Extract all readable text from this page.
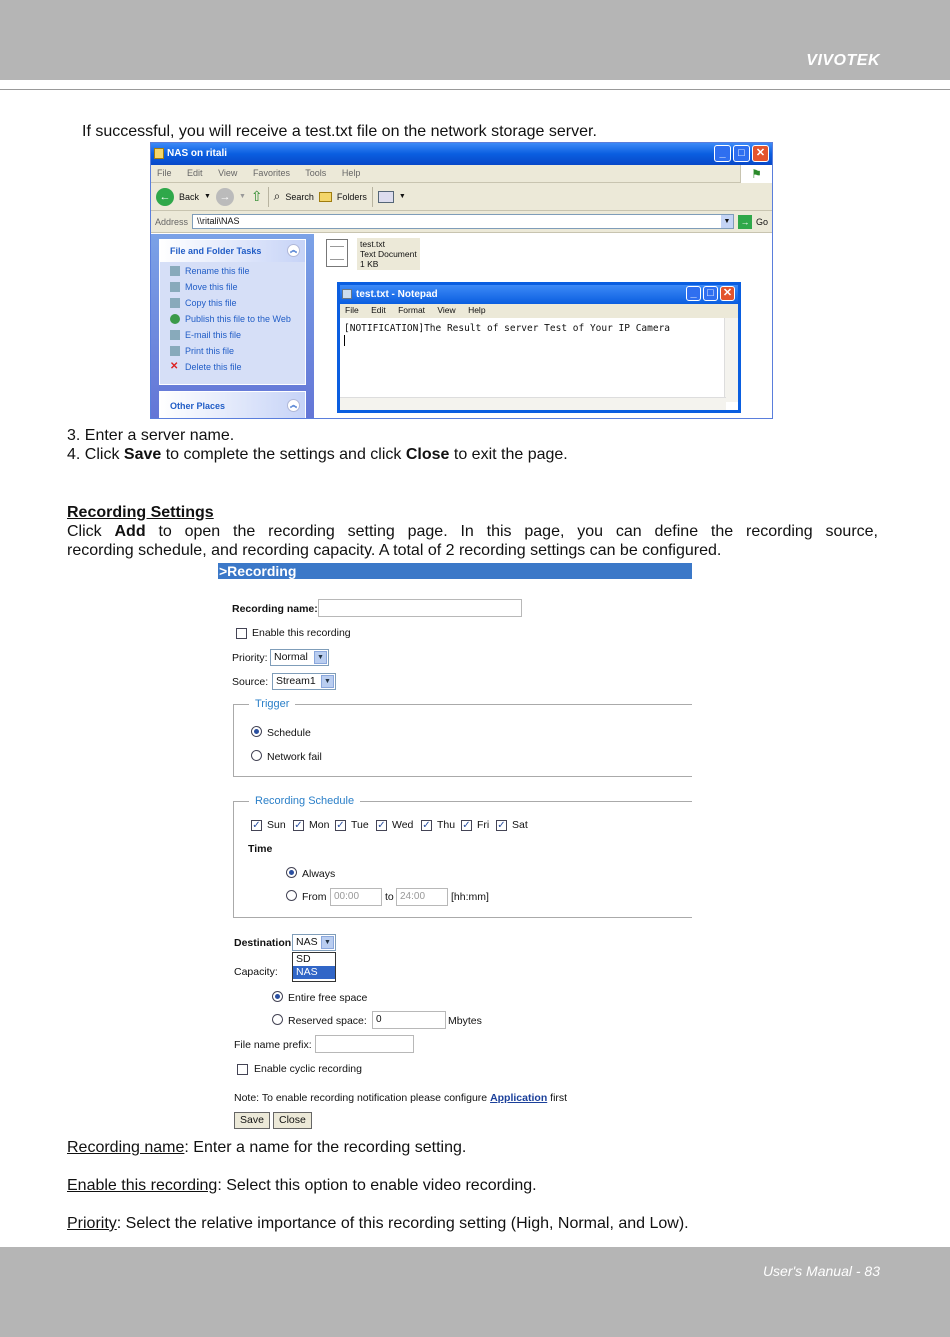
VIVOTEK
If successful, you will receive a test.txt file on the network storage server.
NAS on ritali	_	□	✕
File Edit View Favorites Tools Help	⚑
← Back ▼ →	▼ ⇧ ⌕ Search	Folders	▼
Address	\\ritali\NAS	▼ → Go
File and Folder Tasks	︽
Rename this file
Move this file
Copy this file
Publish this file to the Web
E-mail this file
Print this file
✕ Delete this file
Other Places	︽
test.txt
Text Document
1 KB
test.txt - Notepad	_ □ ✕
File Edit Format View Help
[NOTIFICATION]The Result of server Test of Your IP Camera
3. Enter a server name.
4. Click Save to complete the settings and click Close to exit the page.
Recording Settings
Click Add to open the recording setting page. In this page, you can define the recording source,
recording schedule, and recording capacity. A total of 2 recording settings can be configured.
>Recording
Recording name:
Enable this recording
Priority: Normal	▼
Source: Stream1	▼
Trigger
Schedule
Network fail
Recording Schedule
✓ Sun ✓ Mon ✓ Tue ✓ Wed ✓ Thu ✓ Fri ✓ Sat
Time
Always
From 00:00	to 24:00	[hh:mm]
Destination NAS ▼
SD
NAS
Capacity:
Entire free space
Reserved space: 0	Mbytes
File name prefix:
Enable cyclic recording
Note: To enable recording notification please configure Application first
Save	Close
Recording name: Enter a name for the recording setting.
Enable this recording: Select this option to enable video recording.
Priority: Select the relative importance of this recording setting (High, Normal, and Low).
User's Manual - 83
